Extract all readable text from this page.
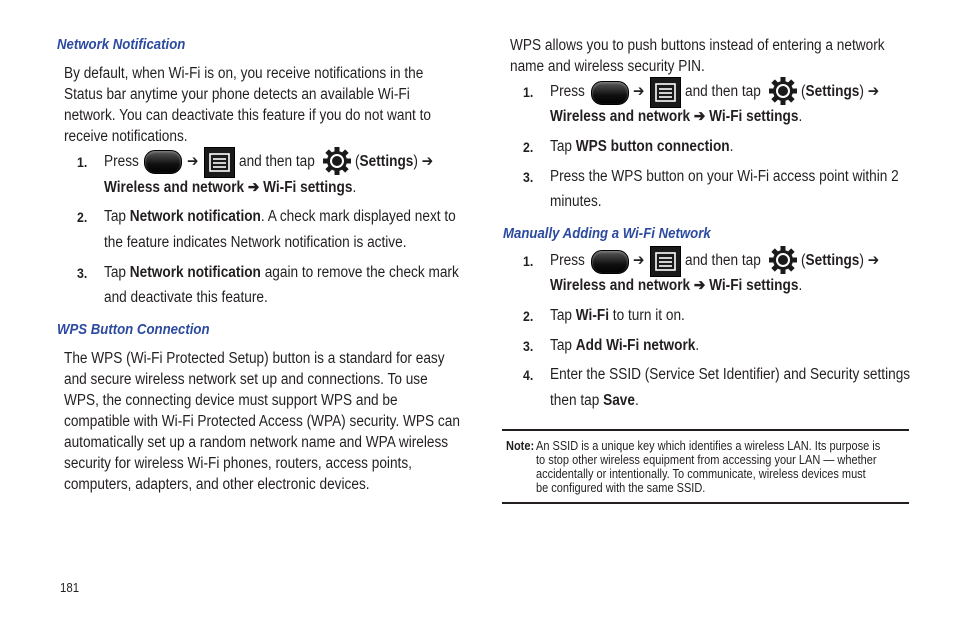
Network Notification
By default, when Wi-Fi is on, you receive notifications in the
Status bar anytime your phone detects an available Wi-Fi
network. You can deactivate this feature if you do not want to
receive notifications.
1. Press	➔	and then tap	(Settings) ➔
Wireless and network ➔ Wi-Fi settings.
2. Tap Network notification. A check mark displayed next to
the feature indicates Network notification is active.
3. Tap Network notification again to remove the check mark
and deactivate this feature.
WPS Button Connection
The WPS (Wi-Fi Protected Setup) button is a standard for easy
and secure wireless network set up and connections. To use
WPS, the connecting device must support WPS and be
compatible with Wi-Fi Protected Access (WPA) security. WPS can
automatically set up a random network name and WPA wireless
security for wireless Wi-Fi phones, routers, access points,
computers, adapters, and other electronic devices.
WPS allows you to push buttons instead of entering a network
name and wireless security PIN.
1. Press	➔	and then tap	(Settings) ➔
Wireless and network ➔ Wi-Fi settings.
2. Tap WPS button connection.
3. Press the WPS button on your Wi-Fi access point within 2
minutes.
Manually Adding a Wi-Fi Network
1. Press	➔	and then tap	(Settings) ➔
Wireless and network ➔ Wi-Fi settings.
2. Tap Wi-Fi to turn it on.
3. Tap Add Wi-Fi network.
4. Enter the SSID (Service Set Identifier) and Security settings
then tap Save.
Note: An SSID is a unique key which identifies a wireless LAN. Its purpose is
to stop other wireless equipment from accessing your LAN — whether
accidentally or intentionally. To communicate, wireless devices must
be configured with the same SSID.
181
